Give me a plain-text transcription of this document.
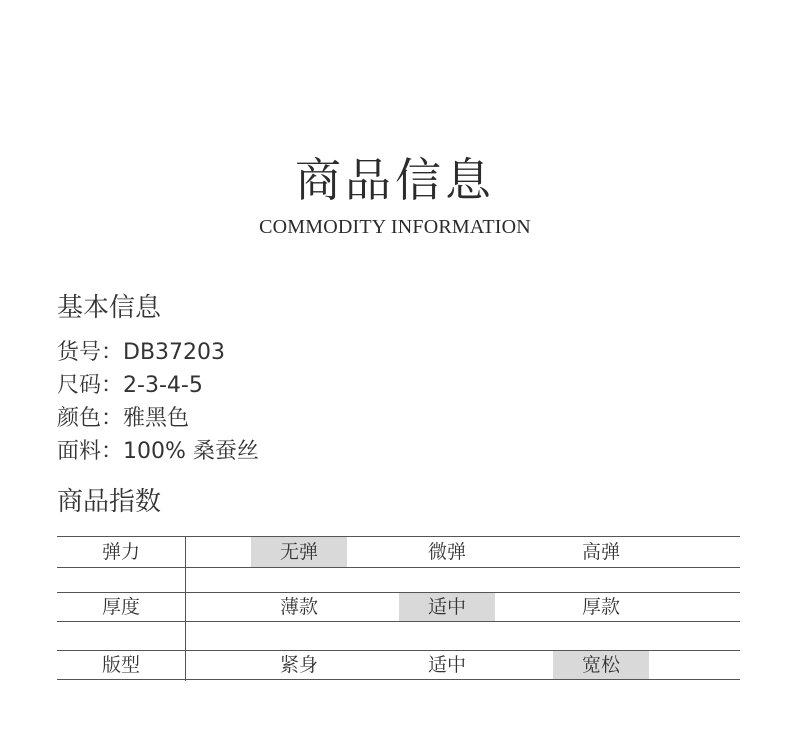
商品信息
COMMODITY INFORMATION
基本信息
货号： DB37203
尺码： 2-3-4-5
颜色： 雅黑色
面料： 100% 桑蚕丝
商品指数
弹力	无弹	微弹	高弹
厚度	薄款	适中	厚款
版型	紧身	适中	宽松
